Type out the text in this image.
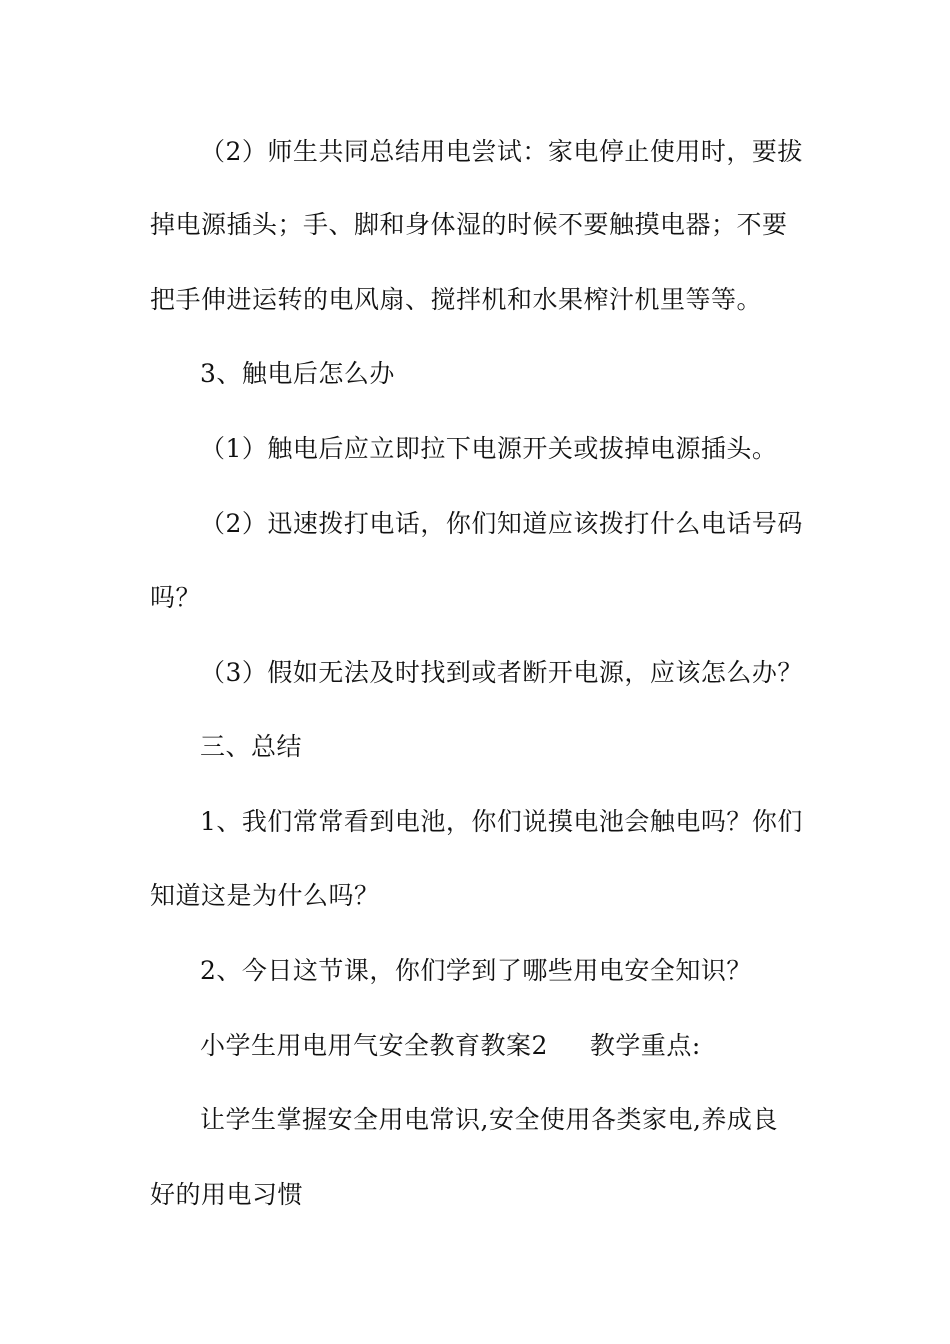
（2）师生共同总结用电尝试：家电停止使用时，要拔
掉电源插头；手、脚和身体湿的时候不要触摸电器；不要
把手伸进运转的电风扇、搅拌机和水果榨汁机里等等。
3、触电后怎么办
（1）触电后应立即拉下电源开关或拔掉电源插头。
（2）迅速拨打电话，你们知道应该拨打什么电话号码
吗？
（3）假如无法及时找到或者断开电源，应该怎么办？
三、总结
1、我们常常看到电池，你们说摸电池会触电吗？你们
知道这是为什么吗？
2、今日这节课，你们学到了哪些用电安全知识？
小学生用电用气安全教育教案2 教学重点:
让学生掌握安全用电常识,安全使用各类家电,养成良
好的用电习惯
